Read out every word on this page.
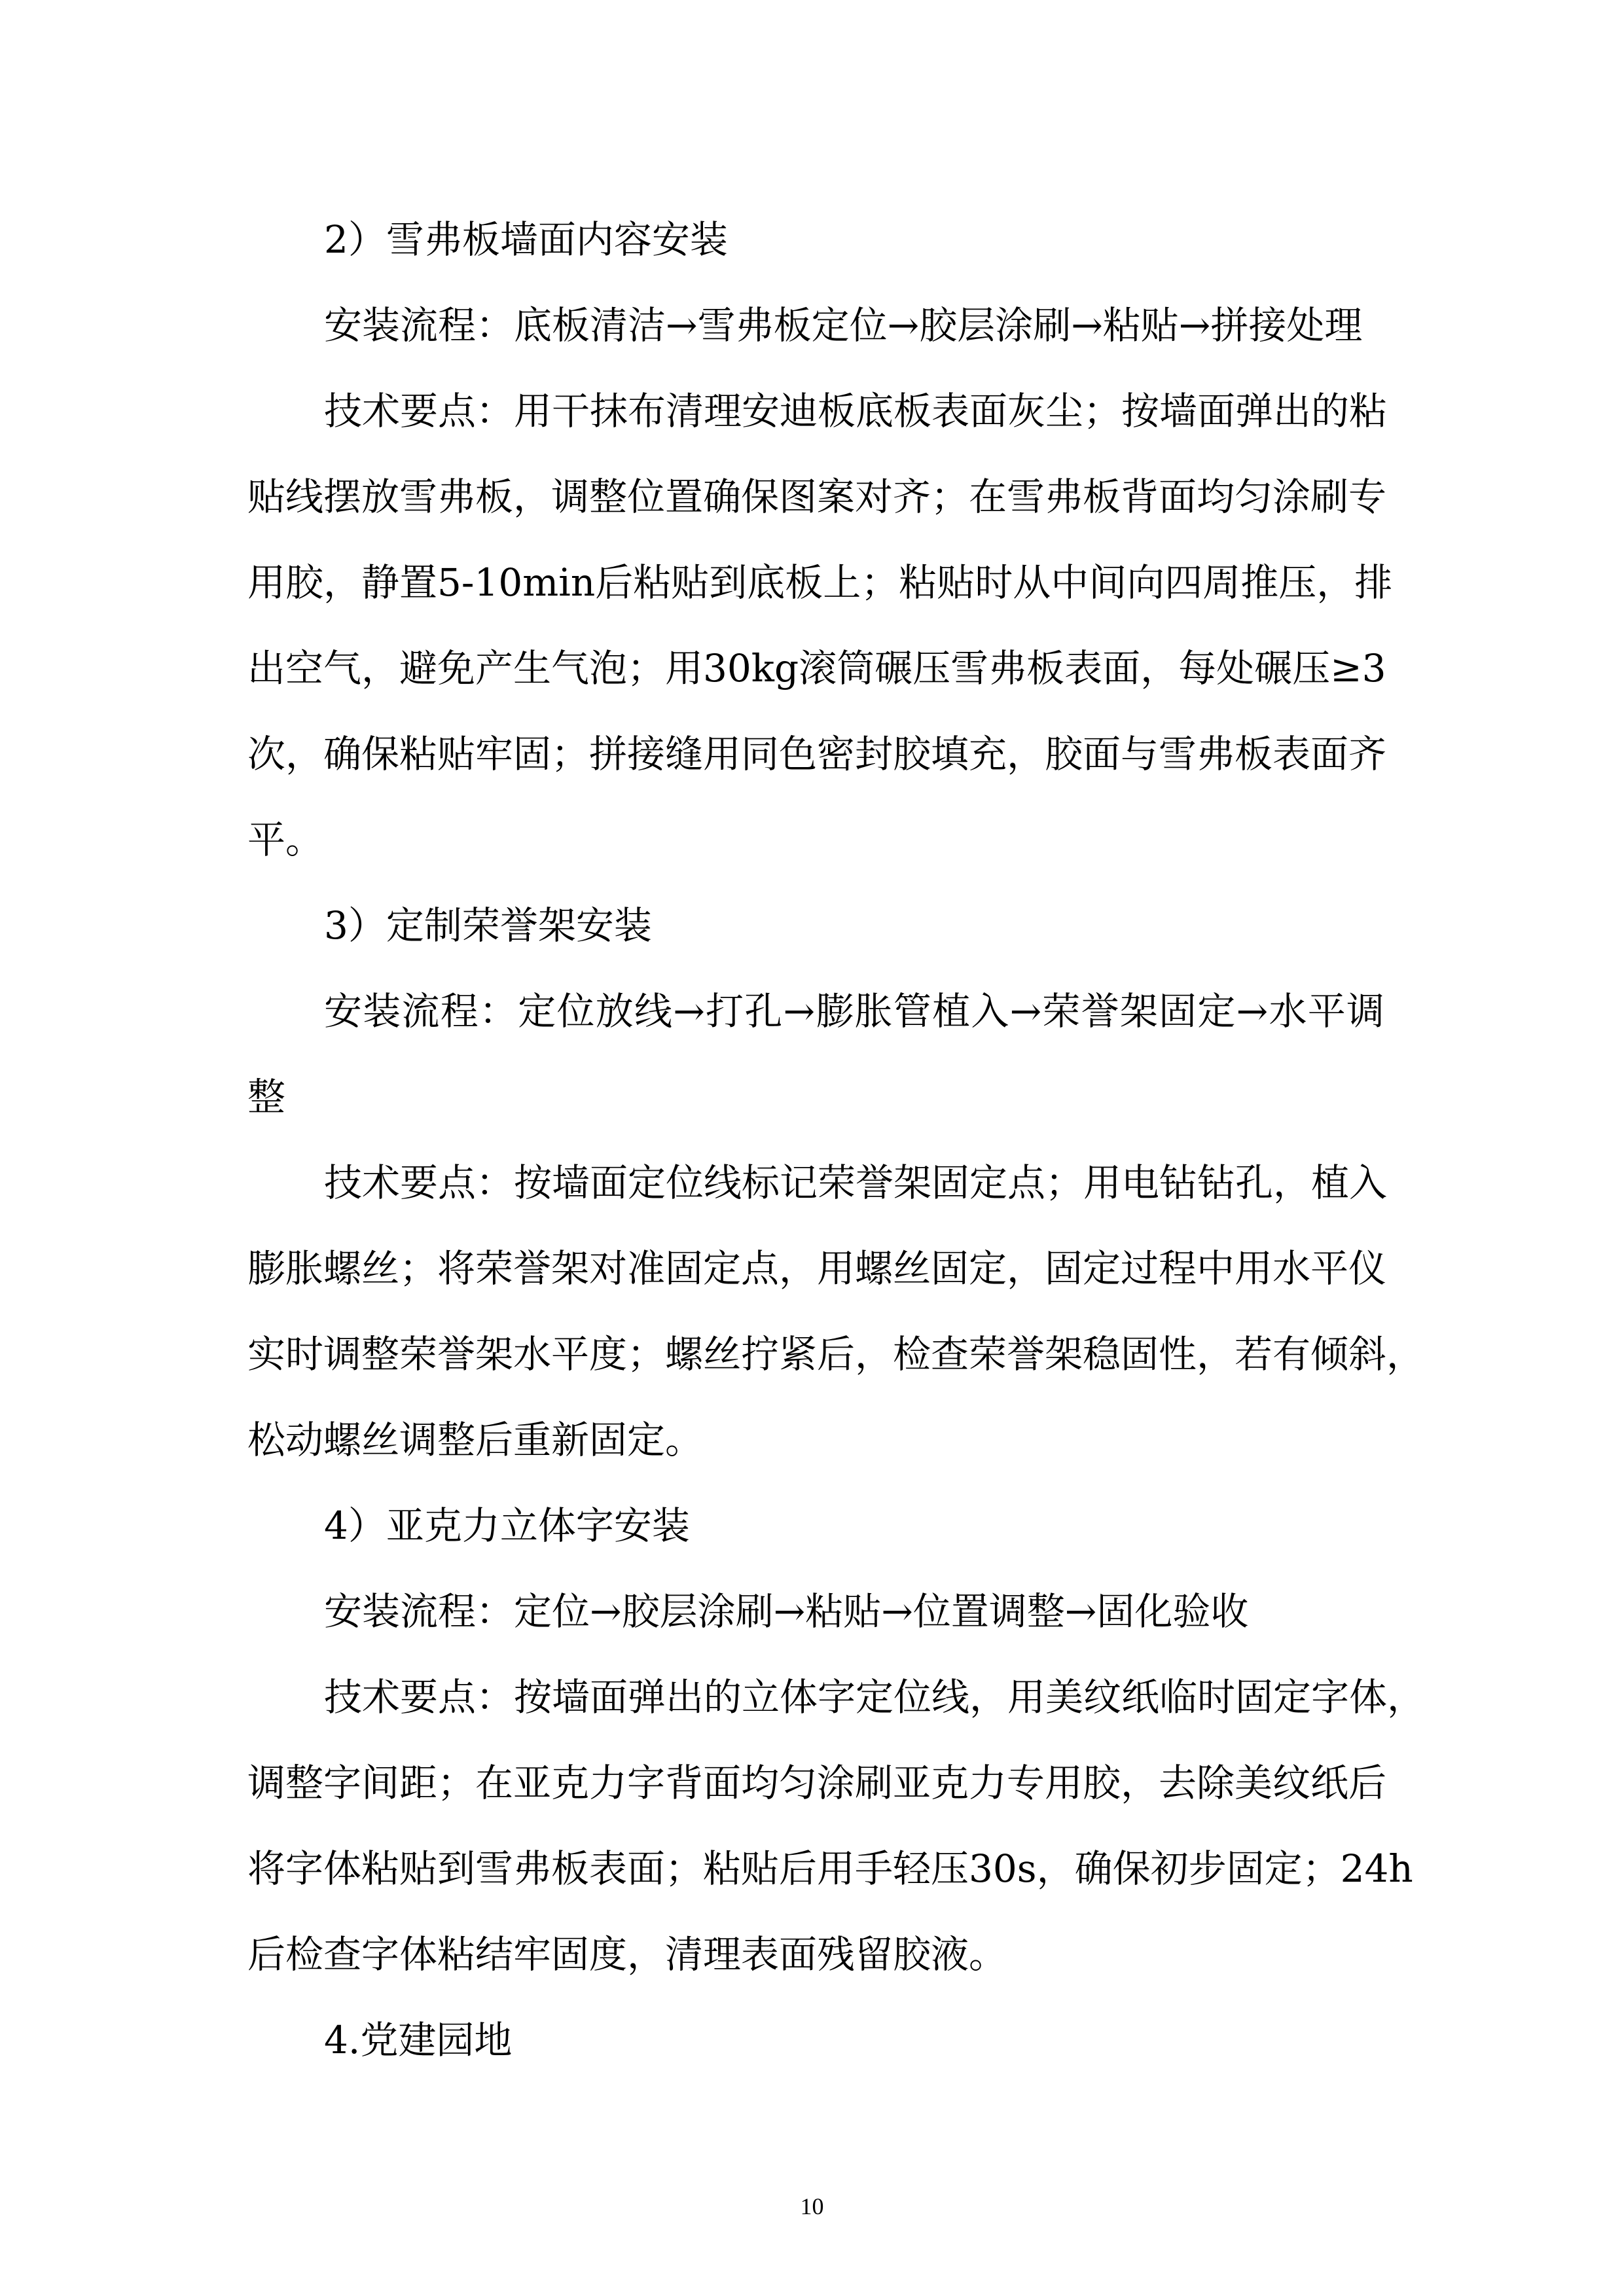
2）雪弗板墙面内容安装
安装流程：底板清洁→雪弗板定位→胶层涂刷→粘贴→拼接处理
技术要点：用干抹布清理安迪板底板表面灰尘；按墙面弹出的粘
贴线摆放雪弗板，调整位置确保图案对齐；在雪弗板背面均匀涂刷专
用胶，静置5-10min后粘贴到底板上；粘贴时从中间向四周推压，排
出空气，避免产生气泡；用30kg滚筒碾压雪弗板表面，每处碾压≥3
次，确保粘贴牢固；拼接缝用同色密封胶填充，胶面与雪弗板表面齐
平。
3）定制荣誉架安装
安装流程：定位放线→打孔→膨胀管植入→荣誉架固定→水平调
整
技术要点：按墙面定位线标记荣誉架固定点；用电钻钻孔，植入
膨胀螺丝；将荣誉架对准固定点，用螺丝固定，固定过程中用水平仪
实时调整荣誉架水平度；螺丝拧紧后，检查荣誉架稳固性，若有倾斜，
松动螺丝调整后重新固定。
4）亚克力立体字安装
安装流程：定位→胶层涂刷→粘贴→位置调整→固化验收
技术要点：按墙面弹出的立体字定位线，用美纹纸临时固定字体，
调整字间距；在亚克力字背面均匀涂刷亚克力专用胶，去除美纹纸后
将字体粘贴到雪弗板表面；粘贴后用手轻压30s，确保初步固定；24h
后检查字体粘结牢固度，清理表面残留胶液。
4.党建园地
10
